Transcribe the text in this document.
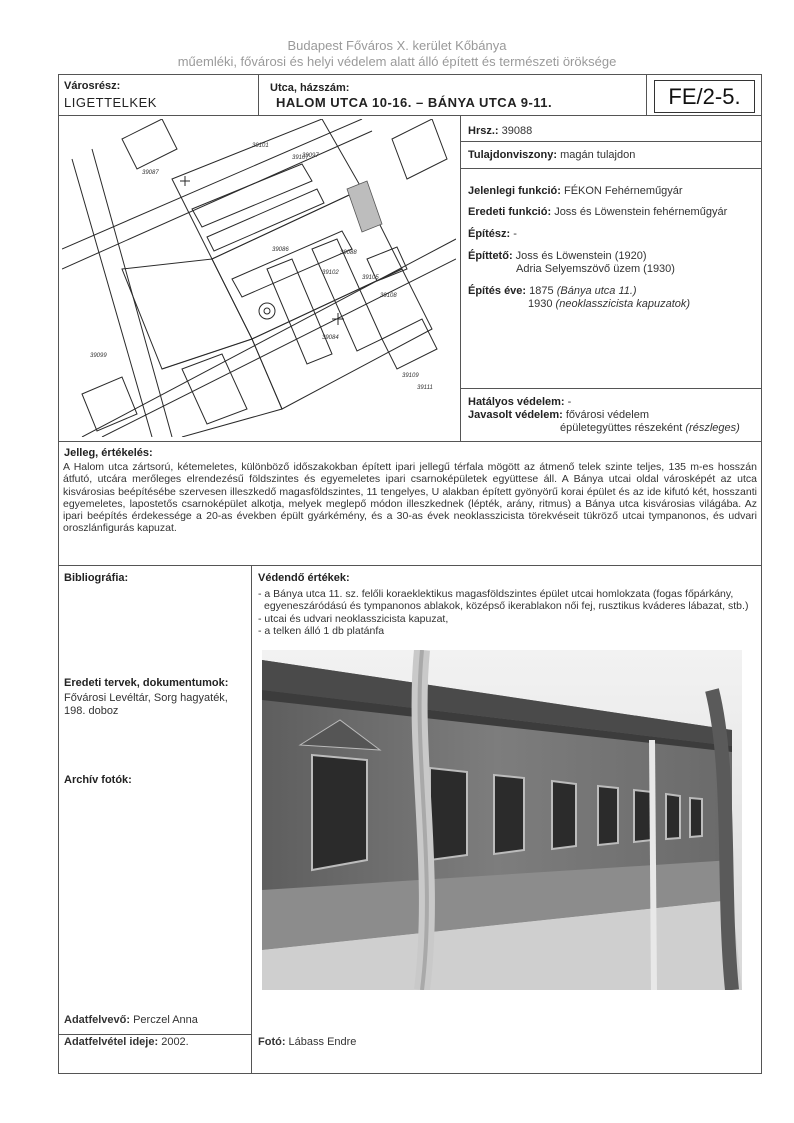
Budapest Főváros X. kerület Kőbánya
műemléki, fővárosi és helyi védelem alatt álló épített és természeti öröksége
Városrész:
LIGETTELKEK
Utca, házszám:
HALOM UTCA 10-16. – BÁNYA UTCA 9-11.	FE/2-5.
39088
39101
39107
39087
39086
39084
39097
39102
39105
39108
39109
39111
39099
Hrsz.: 39088
Tulajdonviszony: magán tulajdon
Jelenlegi funkció: FÉKON Fehérneműgyár
Eredeti funkció: Joss és Löwenstein fehérneműgyár
Építész: -
Építtető: Joss és Löwenstein (1920)
Adria Selyemszövő üzem (1930)
Építés éve: 1875 (Bánya utca 11.)
1930 (neoklasszicista kapuzatok)
Hatályos védelem: -
Javasolt védelem: fővárosi védelem
épületegyüttes részeként (részleges)
Jelleg, értékelés:
A Halom utca zártsorú, kétemeletes, különböző időszakokban épített ipari jellegű térfala mögött az átmenő telek szinte teljes, 135 m-es hosszán átfutó, utcára merőleges elrendezésű földszintes és egyemeletes ipari csarnoképületek együttese áll. A Bánya utcai oldal városképét az utca kisvárosias beépítésébe szervesen illeszkedő magasföldszintes, 11 tengelyes, U alakban épített gyönyörű korai épület és az ide kifutó két, hosszanti egyemeletes, lapostetős csarnoképület alkotja, melyek meglepő módon illeszkednek (lépték, arány, ritmus) a Bánya utca kisvárosias világába. Az ipari beépítés érdekessége a 20-as években épült gyárkémény, és a 30-as évek neoklasszicista törekvéseit tükröző utcai tympanonos, és udvari oroszlánfigurás kapuzat.
Bibliográfia:
Eredeti tervek, dokumentumok:
Fővárosi Levéltár, Sorg hagyaték, 198. doboz
Archív fotók:
Védendő értékek:
- a Bánya utca 11. sz. felőli koraeklektikus magasföldszintes épület utcai homlokzata (fogas főpárkány,
egyeneszáródású és tympanonos ablakok, középső ikerablakon női fej, rusztikus kváderes lábazat, stb.)
- utcai és udvari neoklasszicista kapuzat,
- a telken álló 1 db platánfa
Adatfelvevő: Perczel Anna
Adatfelvétel ideje: 2002.	Fotó: Lábass Endre
